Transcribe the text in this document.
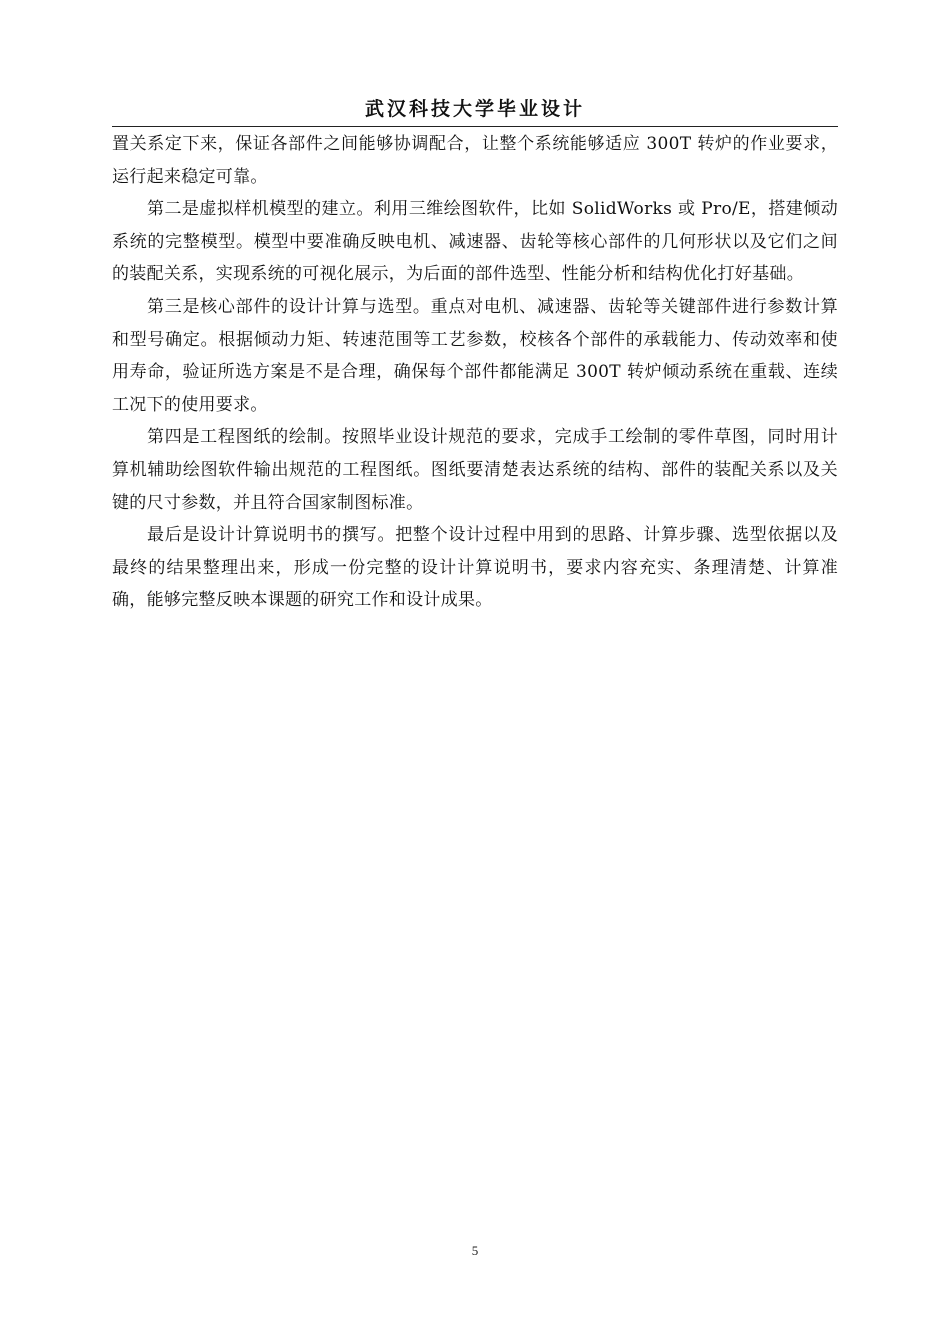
武汉科技大学毕业设计

置关系定下来，保证各部件之间能够协调配合，让整个系统能够适应 300T 转炉的作业要求，运行起来稳定可靠。

第二是虚拟样机模型的建立。利用三维绘图软件，比如 SolidWorks 或 Pro/E，搭建倾动系统的完整模型。模型中要准确反映电机、减速器、齿轮等核心部件的几何形状以及它们之间的装配关系，实现系统的可视化展示，为后面的部件选型、性能分析和结构优化打好基础。

第三是核心部件的设计计算与选型。重点对电机、减速器、齿轮等关键部件进行参数计算和型号确定。根据倾动力矩、转速范围等工艺参数，校核各个部件的承载能力、传动效率和使用寿命，验证所选方案是不是合理，确保每个部件都能满足 300T 转炉倾动系统在重载、连续工况下的使用要求。

第四是工程图纸的绘制。按照毕业设计规范的要求，完成手工绘制的零件草图，同时用计算机辅助绘图软件输出规范的工程图纸。图纸要清楚表达系统的结构、部件的装配关系以及关键的尺寸参数，并且符合国家制图标准。

最后是设计计算说明书的撰写。把整个设计过程中用到的思路、计算步骤、选型依据以及最终的结果整理出来，形成一份完整的设计计算说明书，要求内容充实、条理清楚、计算准确，能够完整反映本课题的研究工作和设计成果。

5
